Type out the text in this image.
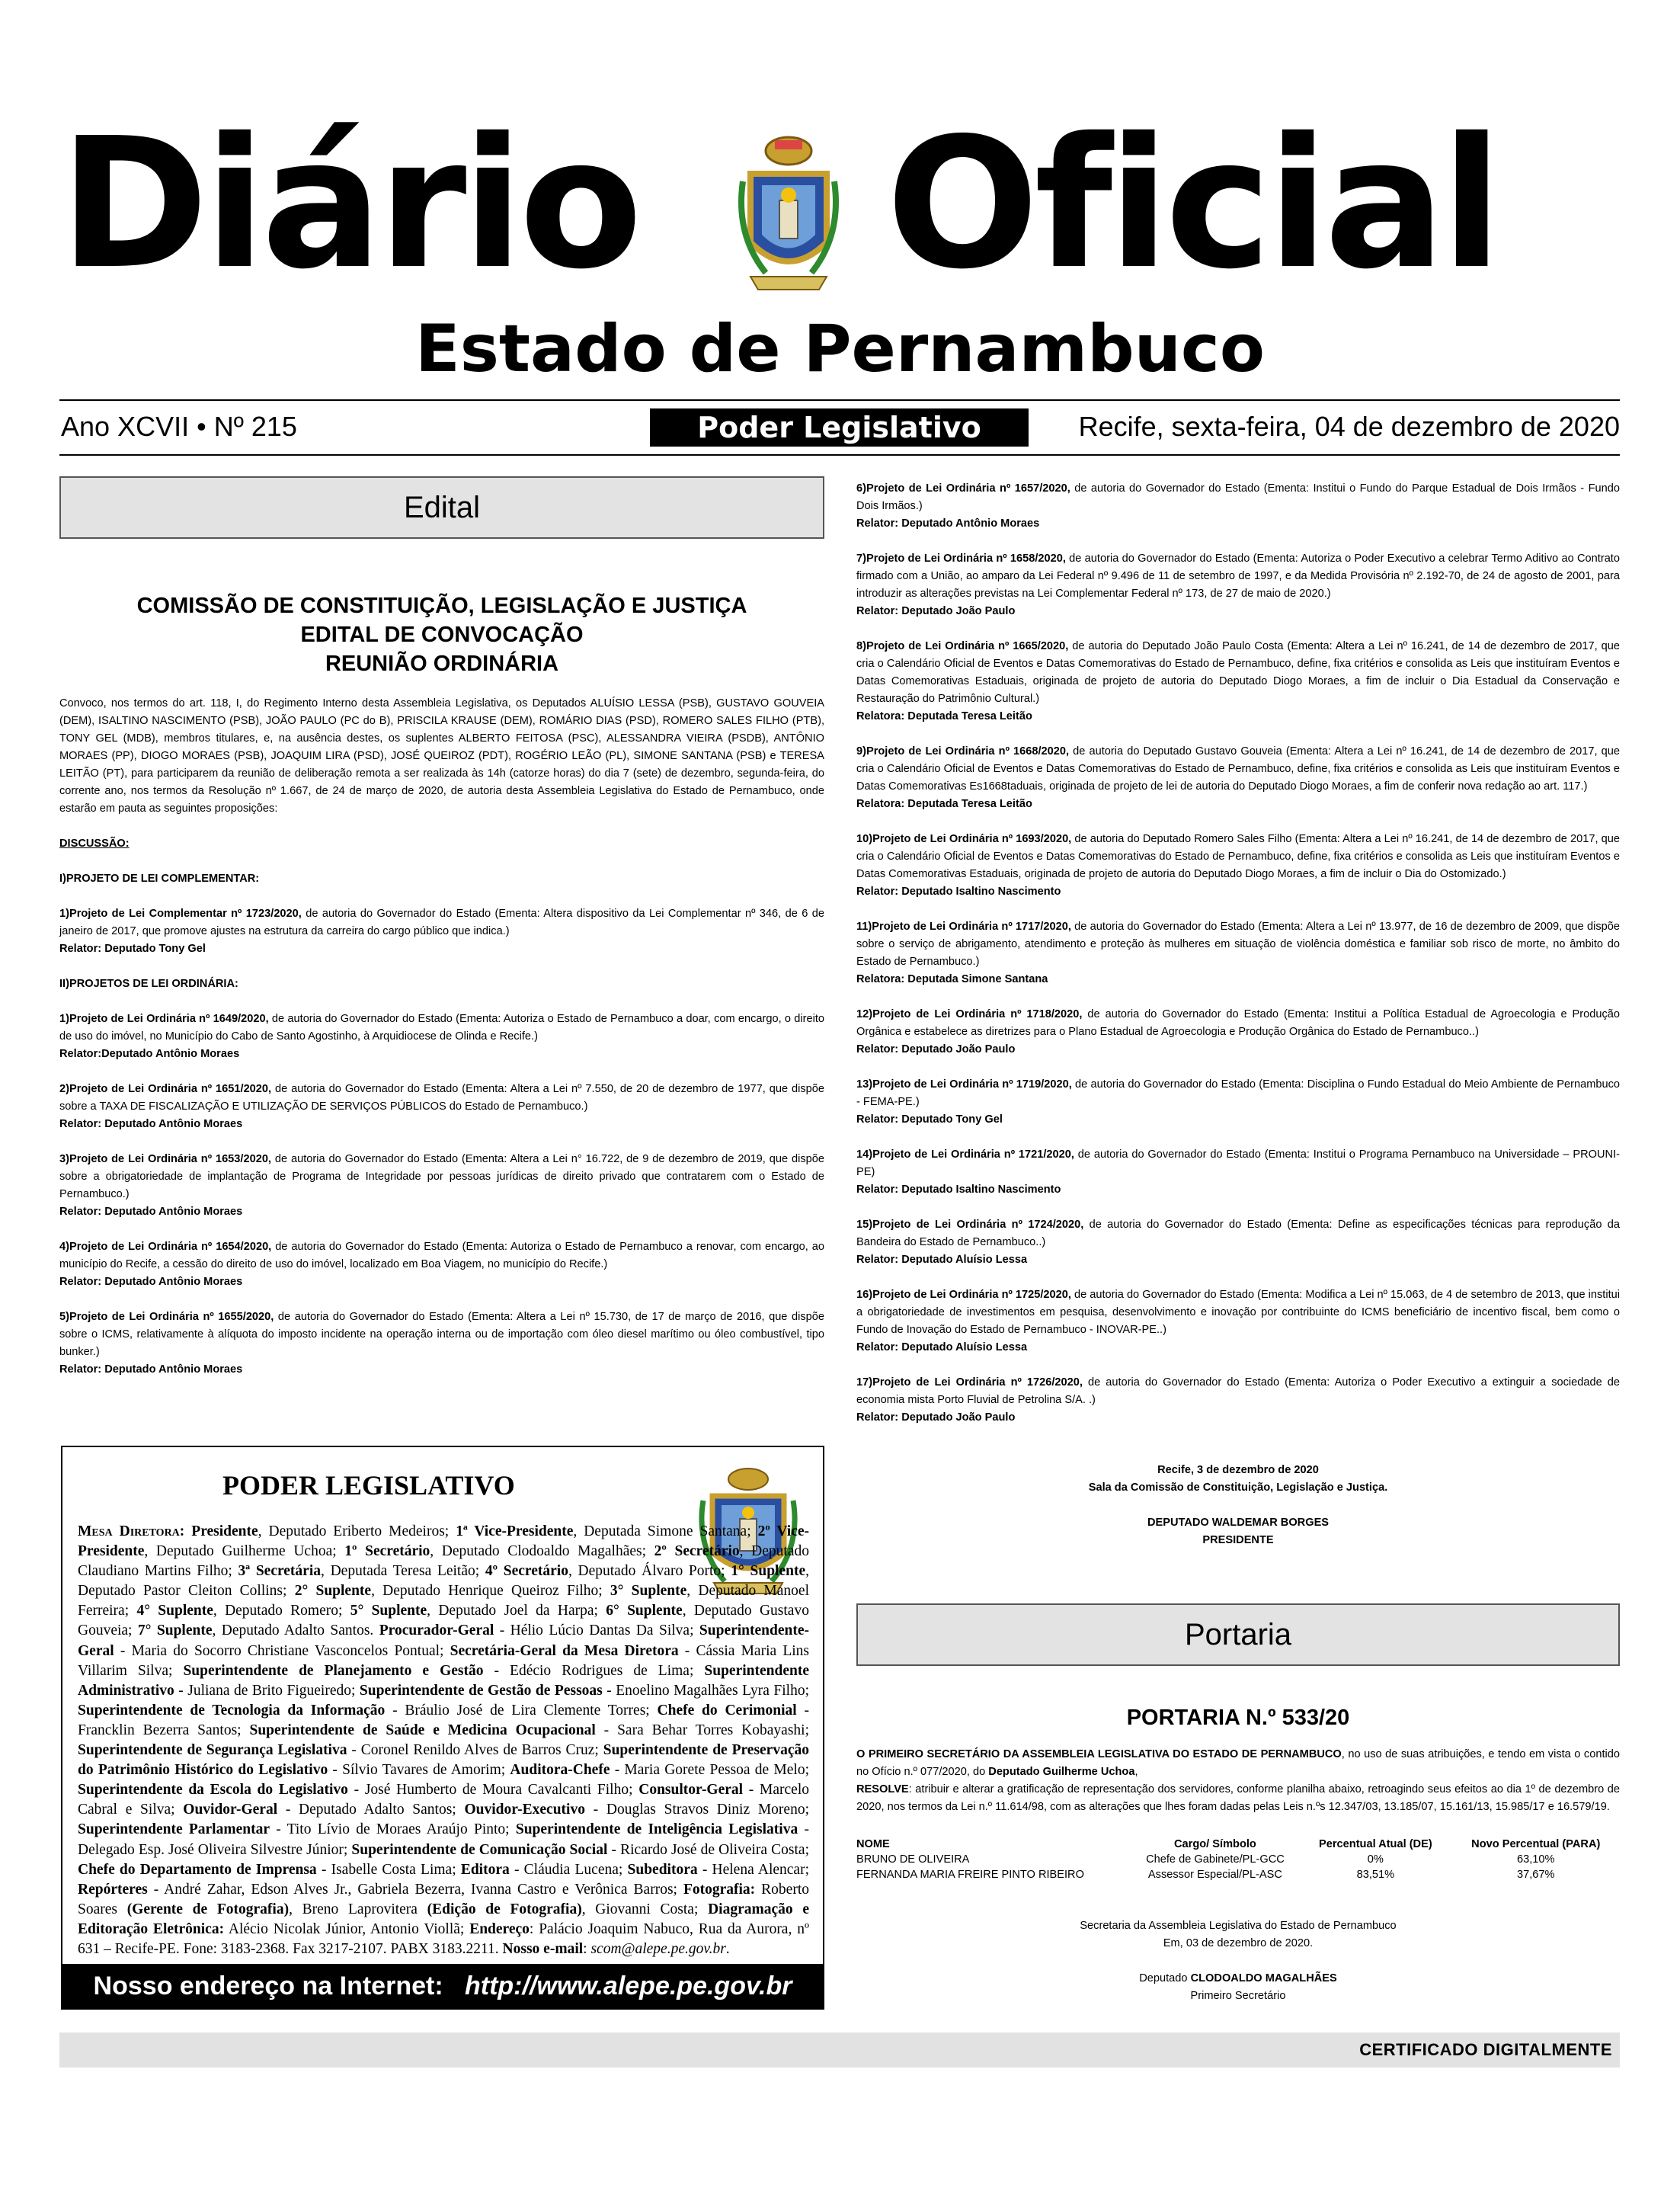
Diário Oficial
Estado de Pernambuco
Ano XCVII • Nº 215	Poder Legislativo	Recife, sexta-feira, 04 de dezembro de 2020
Edital
COMISSÃO DE CONSTITUIÇÃO, LEGISLAÇÃO E JUSTIÇA
EDITAL DE CONVOCAÇÃO
REUNIÃO ORDINÁRIA

Convoco, nos termos do art. 118, I, do Regimento Interno desta Assembleia Legislativa, os Deputados ALUÍSIO LESSA (PSB), GUSTAVO GOUVEIA (DEM), ISALTINO NASCIMENTO (PSB), JOÃO PAULO (PC do B), PRISCILA KRAUSE (DEM), ROMÁRIO DIAS (PSD), ROMERO SALES FILHO (PTB), TONY GEL (MDB), membros titulares, e, na ausência destes, os suplentes ALBERTO FEITOSA (PSC), ALESSANDRA VIEIRA (PSDB), ANTÔNIO MORAES (PP), DIOGO MORAES (PSB), JOAQUIM LIRA (PSD), JOSÉ QUEIROZ (PDT), ROGÉRIO LEÃO (PL), SIMONE SANTANA (PSB) e TERESA LEITÃO (PT), para participarem da reunião de deliberação remota a ser realizada às 14h (catorze horas) do dia 7 (sete) de dezembro, segunda-feira, do corrente ano, nos termos da Resolução nº 1.667, de 24 de março de 2020, de autoria desta Assembleia Legislativa do Estado de Pernambuco, onde estarão em pauta as seguintes proposições:

DISCUSSÃO:

I)PROJETO DE LEI COMPLEMENTAR:

1)Projeto de Lei Complementar nº 1723/2020, de autoria do Governador do Estado (Ementa: Altera dispositivo da Lei Complementar nº 346, de 6 de janeiro de 2017, que promove ajustes na estrutura da carreira do cargo público que indica.)

Relator: Deputado Tony Gel

II)PROJETOS DE LEI ORDINÁRIA:

1)Projeto de Lei Ordinária nº 1649/2020, de autoria do Governador do Estado (Ementa: Autoriza o Estado de Pernambuco a doar, com encargo, o direito de uso do imóvel, no Município do Cabo de Santo Agostinho, à Arquidiocese de Olinda e Recife.)

Relator:Deputado Antônio Moraes

2)Projeto de Lei Ordinária nº 1651/2020, de autoria do Governador do Estado (Ementa: Altera a Lei nº 7.550, de 20 de dezembro de 1977, que dispõe sobre a TAXA DE FISCALIZAÇÃO E UTILIZAÇÃO DE SERVIÇOS PÚBLICOS do Estado de Pernambuco.)

Relator: Deputado Antônio Moraes

3)Projeto de Lei Ordinária nº 1653/2020, de autoria do Governador do Estado (Ementa: Altera a Lei n° 16.722, de 9 de dezembro de 2019, que dispõe sobre a obrigatoriedade de implantação de Programa de Integridade por pessoas jurídicas de direito privado que contratarem com o Estado de Pernambuco.)

Relator: Deputado Antônio Moraes

4)Projeto de Lei Ordinária nº 1654/2020, de autoria do Governador do Estado (Ementa: Autoriza o Estado de Pernambuco a renovar, com encargo, ao município do Recife, a cessão do direito de uso do imóvel, localizado em Boa Viagem, no município do Recife.)

Relator: Deputado Antônio Moraes

5)Projeto de Lei Ordinária nº 1655/2020, de autoria do Governador do Estado (Ementa: Altera a Lei nº 15.730, de 17 de março de 2016, que dispõe sobre o ICMS, relativamente à alíquota do imposto incidente na operação interna ou de importação com óleo diesel marítimo ou óleo combustível, tipo bunker.)

Relator: Deputado Antônio Moraes

6)Projeto de Lei Ordinária nº 1657/2020, de autoria do Governador do Estado (Ementa: Institui o Fundo do Parque Estadual de Dois Irmãos - Fundo Dois Irmãos.)

Relator: Deputado Antônio Moraes

7)Projeto de Lei Ordinária nº 1658/2020, de autoria do Governador do Estado (Ementa: Autoriza o Poder Executivo a celebrar Termo Aditivo ao Contrato firmado com a União, ao amparo da Lei Federal nº 9.496 de 11 de setembro de 1997, e da Medida Provisória nº 2.192-70, de 24 de agosto de 2001, para introduzir as alterações previstas na Lei Complementar Federal nº 173, de 27 de maio de 2020.)

Relator: Deputado João Paulo

8)Projeto de Lei Ordinária nº 1665/2020, de autoria do Deputado João Paulo Costa (Ementa: Altera a Lei nº 16.241, de 14 de dezembro de 2017, que cria o Calendário Oficial de Eventos e Datas Comemorativas do Estado de Pernambuco, define, fixa critérios e consolida as Leis que instituíram Eventos e Datas Comemorativas Estaduais, originada de projeto de autoria do Deputado Diogo Moraes, a fim de incluir o Dia Estadual da Conservação e Restauração do Patrimônio Cultural.)

Relatora: Deputada Teresa Leitão

9)Projeto de Lei Ordinária nº 1668/2020, de autoria do Deputado Gustavo Gouveia (Ementa: Altera a Lei nº 16.241, de 14 de dezembro de 2017, que cria o Calendário Oficial de Eventos e Datas Comemorativas do Estado de Pernambuco, define, fixa critérios e consolida as Leis que instituíram Eventos e Datas Comemorativas Es1668taduais, originada de projeto de lei de autoria do Deputado Diogo Moraes, a fim de conferir nova redação ao art. 117.)

Relatora: Deputada Teresa Leitão

10)Projeto de Lei Ordinária nº 1693/2020, de autoria do Deputado Romero Sales Filho (Ementa: Altera a Lei nº 16.241, de 14 de dezembro de 2017, que cria o Calendário Oficial de Eventos e Datas Comemorativas do Estado de Pernambuco, define, fixa critérios e consolida as Leis que instituíram Eventos e Datas Comemorativas Estaduais, originada de projeto de autoria do Deputado Diogo Moraes, a fim de incluir o Dia do Ostomizado.)

Relator: Deputado Isaltino Nascimento

11)Projeto de Lei Ordinária nº 1717/2020, de autoria do Governador do Estado (Ementa: Altera a Lei nº 13.977, de 16 de dezembro de 2009, que dispõe sobre o serviço de abrigamento, atendimento e proteção às mulheres em situação de violência doméstica e familiar sob risco de morte, no âmbito do Estado de Pernambuco.)

Relatora: Deputada Simone Santana

12)Projeto de Lei Ordinária nº 1718/2020, de autoria do Governador do Estado (Ementa: Institui a Política Estadual de Agroecologia e Produção Orgânica e estabelece as diretrizes para o Plano Estadual de Agroecologia e Produção Orgânica do Estado de Pernambuco..)

Relator: Deputado João Paulo

13)Projeto de Lei Ordinária nº 1719/2020, de autoria do Governador do Estado (Ementa: Disciplina o Fundo Estadual do Meio Ambiente de Pernambuco - FEMA-PE.)

Relator: Deputado Tony Gel

14)Projeto de Lei Ordinária nº 1721/2020, de autoria do Governador do Estado (Ementa: Institui o Programa Pernambuco na Universidade – PROUNI-PE)

Relator: Deputado Isaltino Nascimento

15)Projeto de Lei Ordinária nº 1724/2020, de autoria do Governador do Estado (Ementa: Define as especificações técnicas para reprodução da Bandeira do Estado de Pernambuco..)

Relator: Deputado Aluísio Lessa

16)Projeto de Lei Ordinária nº 1725/2020, de autoria do Governador do Estado (Ementa: Modifica a Lei nº 15.063, de 4 de setembro de 2013, que institui a obrigatoriedade de investimentos em pesquisa, desenvolvimento e inovação por contribuinte do ICMS beneficiário de incentivo fiscal, bem como o Fundo de Inovação do Estado de Pernambuco - INOVAR-PE..)

Relator: Deputado Aluísio Lessa

17)Projeto de Lei Ordinária nº 1726/2020, de autoria do Governador do Estado (Ementa: Autoriza o Poder Executivo a extinguir a sociedade de economia mista Porto Fluvial de Petrolina S/A. .)

Relator: Deputado João Paulo

Recife, 3 de dezembro de 2020

Sala da Comissão de Constituição, Legislação e Justiça.

DEPUTADO WALDEMAR BORGES

PRESIDENTE

PODER LEGISLATIVO
Mesa Diretora: Presidente, Deputado Eriberto Medeiros; 1ª Vice-Presidente, Deputada Simone Santana; 2º Vice-Presidente, Deputado Guilherme Uchoa; 1º Secretário, Deputado Clodoaldo Magalhães; 2º Secretário, Deputado Claudiano Martins Filho; 3ª Secretária, Deputada Teresa Leitão; 4º Secretário, Deputado Álvaro Porto; 1° Suplente, Deputado Pastor Cleiton Collins; 2° Suplente, Deputado Henrique Queiroz Filho; 3° Suplente, Deputado Manoel Ferreira; 4° Suplente, Deputado Romero; 5° Suplente, Deputado Joel da Harpa; 6° Suplente, Deputado Gustavo Gouveia; 7° Suplente, Deputado Adalto Santos. Procurador-Geral - Hélio Lúcio Dantas Da Silva; Superintendente-Geral - Maria do Socorro Christiane Vasconcelos Pontual; Secretária-Geral da Mesa Diretora - Cássia Maria Lins Villarim Silva; Superintendente de Planejamento e Gestão - Edécio Rodrigues de Lima; Superintendente Administrativo - Juliana de Brito Figueiredo; Superintendente de Gestão de Pessoas - Enoelino Magalhães Lyra Filho; Superintendente de Tecnologia da Informação - Bráulio José de Lira Clemente Torres; Chefe do Cerimonial - Francklin Bezerra Santos; Superintendente de Saúde e Medicina Ocupacional - Sara Behar Torres Kobayashi; Superintendente de Segurança Legislativa - Coronel Renildo Alves de Barros Cruz; Superintendente de Preservação do Patrimônio Histórico do Legislativo - Sílvio Tavares de Amorim; Auditora-Chefe - Maria Gorete Pessoa de Melo; Superintendente da Escola do Legislativo - José Humberto de Moura Cavalcanti Filho; Consultor-Geral - Marcelo Cabral e Silva; Ouvidor-Geral - Deputado Adalto Santos; Ouvidor-Executivo - Douglas Stravos Diniz Moreno; Superintendente Parlamentar - Tito Lívio de Moraes Araújo Pinto; Superintendente de Inteligência Legislativa - Delegado Esp. José Oliveira Silvestre Júnior; Superintendente de Comunicação Social - Ricardo José de Oliveira Costa; Chefe do Departamento de Imprensa - Isabelle Costa Lima; Editora - Cláudia Lucena; Subeditora - Helena Alencar; Repórteres - André Zahar, Edson Alves Jr., Gabriela Bezerra, Ivanna Castro e Verônica Barros; Fotografia: Roberto Soares (Gerente de Fotografia), Breno Laprovitera (Edição de Fotografia), Giovanni Costa; Diagramação e Editoração Eletrônica: Alécio Nicolak Júnior, Antonio Viollã; Endereço: Palácio Joaquim Nabuco, Rua da Aurora, nº 631 – Recife-PE. Fone: 3183-2368. Fax 3217-2107. PABX 3183.2211. Nosso e-mail: scom@alepe.pe.gov.br.
Nosso endereço na Internet: http://www.alepe.pe.gov.br
Portaria
PORTARIA N.º 533/20

O PRIMEIRO SECRETÁRIO DA ASSEMBLEIA LEGISLATIVA DO ESTADO DE PERNAMBUCO, no uso de suas atribuições, e tendo em vista o contido no Ofício n.º 077/2020, do Deputado Guilherme Uchoa,

RESOLVE: atribuir e alterar a gratificação de representação dos servidores, conforme planilha abaixo, retroagindo seus efeitos ao dia 1º de dezembro de 2020, nos termos da Lei n.º 11.614/98, com as alterações que lhes foram dadas pelas Leis n.ºs 12.347/03, 13.185/07, 15.161/13, 15.985/17 e 16.579/19.

NOME	Cargo/ Símbolo	Percentual Atual (DE)	Novo Percentual (PARA)
BRUNO DE OLIVEIRA	Chefe de Gabinete/PL-GCC	0%	63,10%
FERNANDA MARIA FREIRE PINTO RIBEIRO	Assessor Especial/PL-ASC	83,51%	37,67%

Secretaria da Assembleia Legislativa do Estado de Pernambuco

Em, 03 de dezembro de 2020.

Deputado CLODOALDO MAGALHÃES

Primeiro Secretário

CERTIFICADO DIGITALMENTE
